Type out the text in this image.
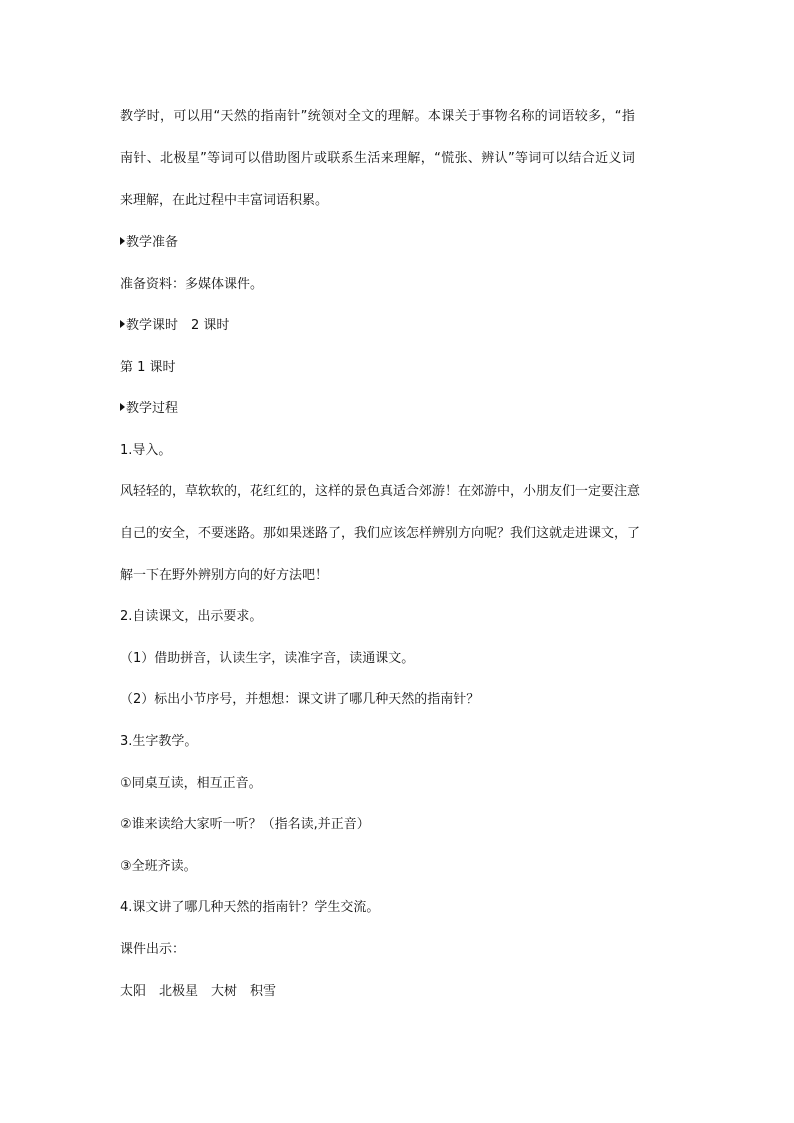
教学时，可以用“天然的指南针”统领对全文的理解。本课关于事物名称的词语较多，“指

南针、北极星”等词可以借助图片或联系生活来理解，“慌张、辨认”等词可以结合近义词

来理解，在此过程中丰富词语积累。

教学准备

准备资料：多媒体课件。

教学课时　2 课时

第 1 课时

教学过程

1.导入。

风轻轻的，草软软的，花红红的，这样的景色真适合郊游！在郊游中，小朋友们一定要注意

自己的安全，不要迷路。那如果迷路了，我们应该怎样辨别方向呢？我们这就走进课文，了

解一下在野外辨别方向的好方法吧！

2.自读课文，出示要求。

（1）借助拼音，认读生字，读准字音，读通课文。

（2）标出小节序号，并想想：课文讲了哪几种天然的指南针？

3.生字教学。

①同桌互读，相互正音。

②谁来读给大家听一听？（指名读,并正音）

③全班齐读。

4.课文讲了哪几种天然的指南针？学生交流。

课件出示：

太阳　北极星　大树　积雪
